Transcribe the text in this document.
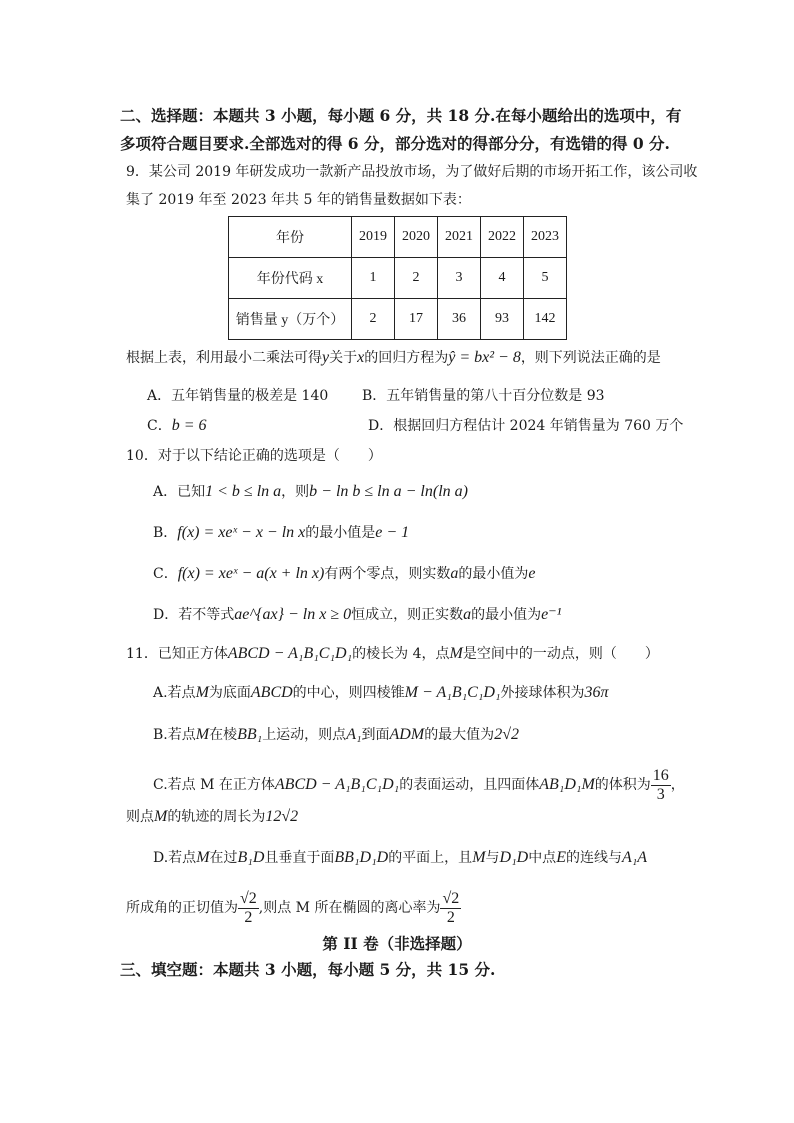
二、选择题：本题共 3 小题，每小题 6 分，共 18 分.在每小题给出的选项中，有
多项符合题目要求.全部选对的得 6 分，部分选对的得部分分，有选错的得 0 分.
9．某公司 2019 年研发成功一款新产品投放市场，为了做好后期的市场开拓工作，该公司收
集了 2019 年至 2023 年共 5 年的销售量数据如下表：
年份	2019	2020	2021	2022	2023
年份代码 x	1	2	3	4	5
销售量 y（万个）	2	17	36	93	142
根据上表，利用最小二乘法可得y关于x的回归方程为ŷ = bx² − 8，则下列说法正确的是
A．五年销售量的极差是 140 B．五年销售量的第八十百分位数是 93
C．b = 6	D．根据回归方程估计 2024 年销售量为 760 万个
10．对于以下结论正确的选项是（　　）
A．已知1 < b ≤ ln a，则b − ln b ≤ ln a − ln(ln a)
B．f(x) = xeˣ − x − ln x的最小值是e − 1
C．f(x) = xeˣ − a(x + ln x)有两个零点，则实数a的最小值为e
D．若不等式ae^{ax} − ln x ≥ 0恒成立，则正实数a的最小值为e⁻¹
11．已知正方体ABCD − A₁B₁C₁D₁的棱长为 4，点M是空间中的一动点，则（　　）
A.若点M为底面ABCD的中心，则四棱锥M − A₁B₁C₁D₁外接球体积为36π
B.若点M在棱BB₁上运动，则点A₁到面ADM的最大值为2√2
C.若点 M 在正方体ABCD − A₁B₁C₁D₁的表面运动，且四面体AB₁D₁M的体积为 $\frac{16}{3}$ ，
则点M的轨迹的周长为12√2
D.若点M在过B₁D且垂直于面BB₁D₁D的平面上，且M与D₁D中点E的连线与A₁A
所成角的正切值为 $\frac{√2}{2}$ ,则点 M 所在椭圆的离心率为 $\frac{√2}{2}$
第 II 卷（非选择题）
三、填空题：本题共 3 小题，每小题 5 分，共 15 分.
